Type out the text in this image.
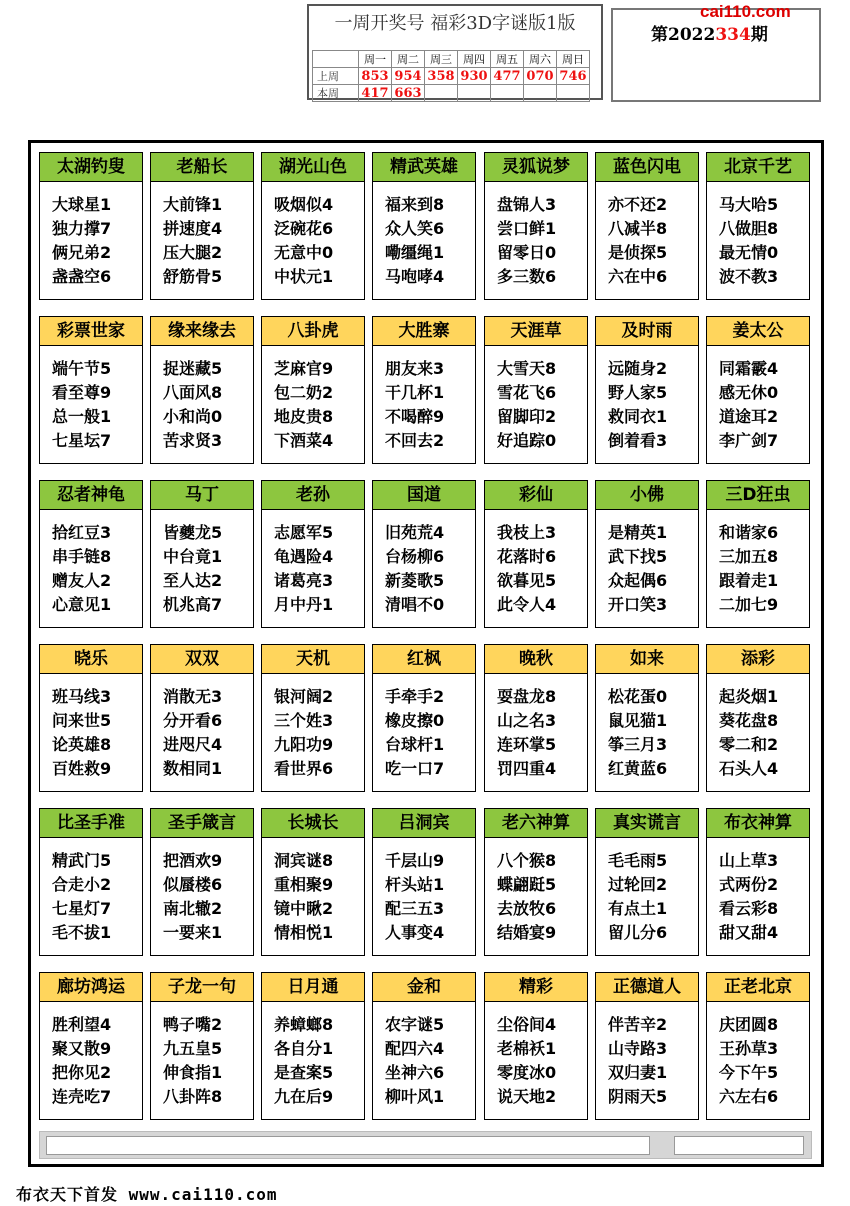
一周开奖号 福彩3D字谜版1版
	周一	周二	周三	周四	周五	周六	周日
上周	853	954	358	930	477	070	746
本周	417	663					
第2022334期
cai110.com
太湖钓叟
大球星1
独力撑7
俩兄弟2
盏盏空6
老船长
大前锋1
拼速度4
压大腿2
舒筋骨5
湖光山色
吸烟似4
泛碗花6
无意中0
中状元1
精武英雄
福来到8
众人笑6
嘞缰绳1
马咆哮4
灵狐说梦
盘锦人3
尝口鲜1
留零日0
多三数6
蓝色闪电
亦不还2
八减半8
是侦探5
六在中6
北京千艺
马大哈5
八做胆8
最无情0
波不教3
彩票世家
端午节5
看至尊9
总一般1
七星坛7
缘来缘去
捉迷藏5
八面风8
小和尚0
苦求贤3
八卦虎
芝麻官9
包二奶2
地皮贵8
下酒菜4
大胜寨
朋友来3
干几杯1
不喝醉9
不回去2
天涯草
大雪天8
雪花飞6
留脚印2
好追踪0
及时雨
远随身2
野人家5
救同衣1
倒着看3
姜太公
同霜霰4
感无休0
道途耳2
李广剑7
忍者神龟
拾红豆3
串手链8
赠友人2
心意见1
马丁
皆夔龙5
中台竟1
至人达2
机兆高7
老孙
志愿军5
龟遇险4
诸葛亮3
月中丹1
国道
旧苑荒4
台杨柳6
新菱歌5
清唱不0
彩仙
我枝上3
花落时6
欲暮见5
此令人4
小佛
是精英1
武下找5
众起偶6
开口笑3
三D狂虫
和谐家6
三加五8
跟着走1
二加七9
晓乐
班马线3
问来世5
论英雄8
百姓救9
双双
消散无3
分开看6
进咫尺4
数相同1
天机
银河阔2
三个姓3
九阳功9
看世界6
红枫
手牵手2
橡皮擦0
台球杆1
吃一口7
晚秋
耍盘龙8
山之名3
连环掌5
罚四重4
如来
松花蛋0
鼠见猫1
筝三月3
红黄蓝6
添彩
起炎烟1
葵花盘8
零二和2
石头人4
比圣手准
精武门5
合走小2
七星灯7
毛不拔1
圣手箴言
把酒欢9
似蜃楼6
南北辙2
一要来1
长城长
洞宾谜8
重相聚9
镜中瞅2
情相悦1
吕洞宾
千层山9
杆头站1
配三五3
人事变4
老六神算
八个猴8
蝶翩跹5
去放牧6
结婚宴9
真实谎言
毛毛雨5
过轮回2
有点土1
留儿分6
布衣神算
山上草3
式两份2
看云彩8
甜又甜4
廊坊鸿运
胜利望4
聚又散9
把你见2
连壳吃7
子龙一句
鸭子嘴2
九五皇5
伸食指1
八卦阵8
日月通
养蟑螂8
各自分1
是查案5
九在后9
金和
农字谜5
配四六4
坐神六6
柳叶风1
精彩
尘俗间4
老棉袄1
零度冰0
说天地2
正德道人
伴苦辛2
山寺路3
双归妻1
阴雨天5
正老北京
庆团圆8
王孙草3
今下午5
六左右6
布衣天下首发 www.cai110.com
